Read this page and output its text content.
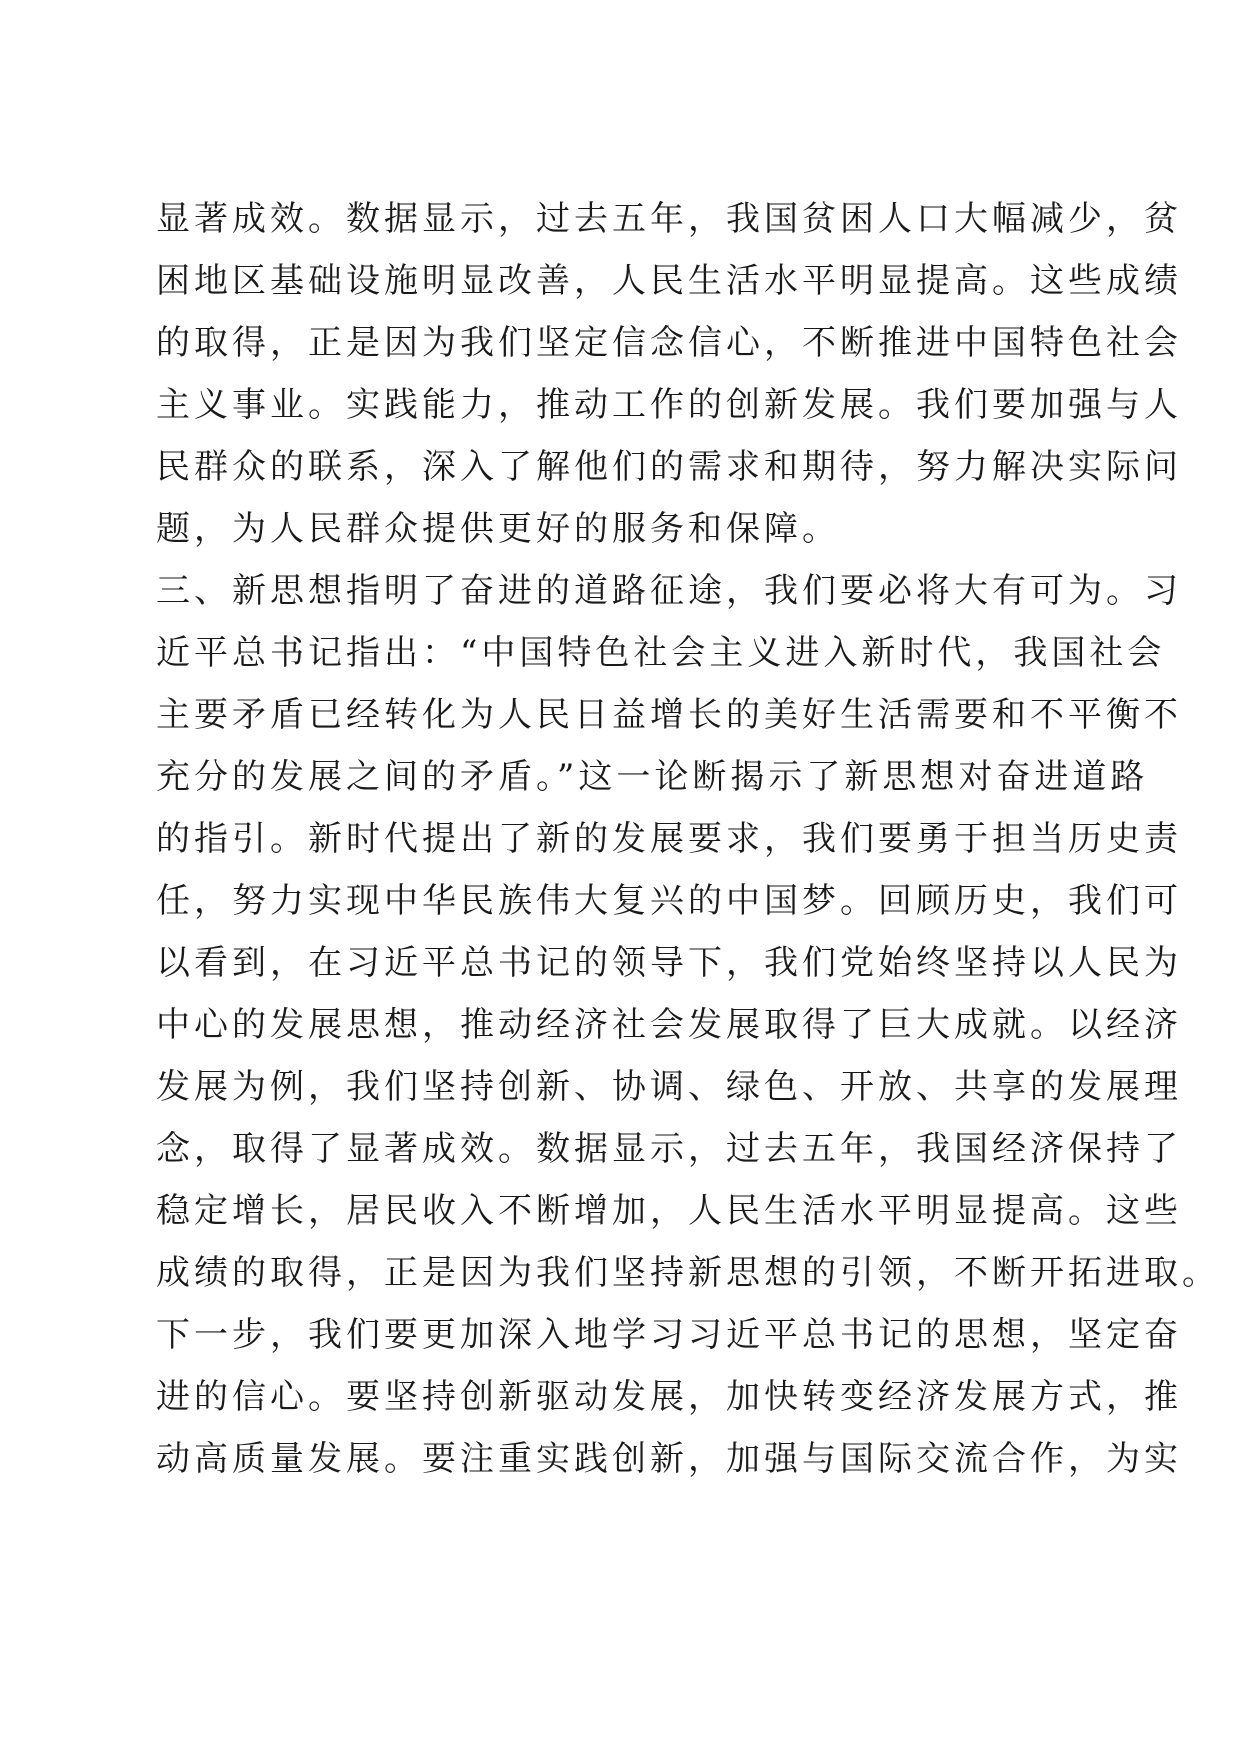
显著成效。数据显示，过去五年，我国贫困人口大幅减少，贫
困地区基础设施明显改善，人民生活水平明显提高。这些成绩
的取得，正是因为我们坚定信念信心，不断推进中国特色社会
主义事业。实践能力，推动工作的创新发展。我们要加强与人
民群众的联系，深入了解他们的需求和期待，努力解决实际问
题，为人民群众提供更好的服务和保障。
三、新思想指明了奋进的道路征途，我们要必将大有可为。习
近平总书记指出：“中国特色社会主义进入新时代，我国社会
主要矛盾已经转化为人民日益增长的美好生活需要和不平衡不
充分的发展之间的矛盾。”这一论断揭示了新思想对奋进道路
的指引。新时代提出了新的发展要求，我们要勇于担当历史责
任，努力实现中华民族伟大复兴的中国梦。回顾历史，我们可
以看到，在习近平总书记的领导下，我们党始终坚持以人民为
中心的发展思想，推动经济社会发展取得了巨大成就。以经济
发展为例，我们坚持创新、协调、绿色、开放、共享的发展理
念，取得了显著成效。数据显示，过去五年，我国经济保持了
稳定增长，居民收入不断增加，人民生活水平明显提高。这些
成绩的取得，正是因为我们坚持新思想的引领，不断开拓进取。
下一步，我们要更加深入地学习习近平总书记的思想，坚定奋
进的信心。要坚持创新驱动发展，加快转变经济发展方式，推
动高质量发展。要注重实践创新，加强与国际交流合作，为实
